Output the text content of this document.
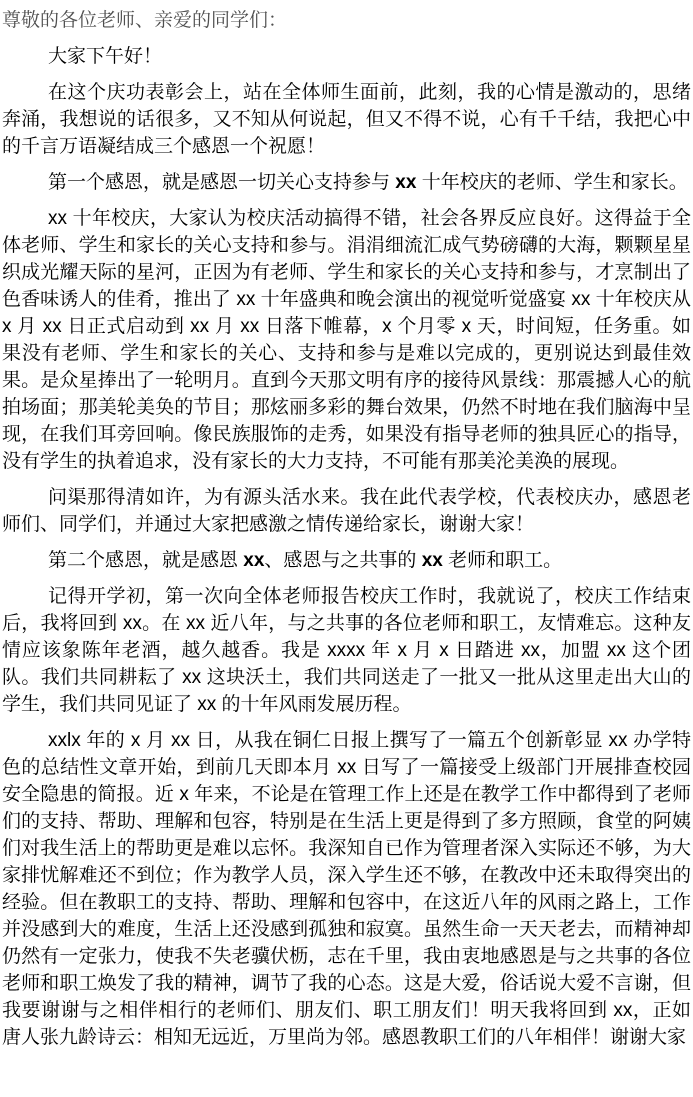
尊敬的各位老师、亲爱的同学们：

大家下午好！

在这个庆功表彰会上，站在全体师生面前，此刻，我的心情是激动的，思绪奔涌，我想说的话很多，又不知从何说起，但又不得不说，心有千千结，我把心中的千言万语凝结成三个感恩一个祝愿！

第一个感恩，就是感恩一切关心支持参与 xx 十年校庆的老师、学生和家长。

xx 十年校庆，大家认为校庆活动搞得不错，社会各界反应良好。这得益于全体老师、学生和家长的关心支持和参与。涓涓细流汇成气势磅礴的大海，颗颗星星织成光耀天际的星河，正因为有老师、学生和家长的关心支持和参与，才烹制出了色香味诱人的佳肴，推出了 xx 十年盛典和晚会演出的视觉听觉盛宴 xx 十年校庆从 x 月 xx 日正式启动到 xx 月 xx 日落下帷幕，x 个月零 x 天，时间短，任务重。如果没有老师、学生和家长的关心、支持和参与是难以完成的，更别说达到最佳效果。是众星捧出了一轮明月。直到今天那文明有序的接待风景线：那震撼人心的航拍场面；那美轮美奂的节目；那炫丽多彩的舞台效果，仍然不时地在我们脑海中呈现，在我们耳旁回响。像民族服饰的走秀，如果没有指导老师的独具匠心的指导，没有学生的执着追求，没有家长的大力支持，不可能有那美沦美涣的展现。

问渠那得清如许，为有源头活水来。我在此代表学校，代表校庆办，感恩老师们、同学们，并通过大家把感激之情传递给家长，谢谢大家！

第二个感恩，就是感恩 xx、感恩与之共事的 xx 老师和职工。

记得开学初，第一次向全体老师报告校庆工作时，我就说了，校庆工作结束后，我将回到 xx。在 xx 近八年，与之共事的各位老师和职工，友情难忘。这种友情应该象陈年老酒，越久越香。我是 xxxx 年 x 月 x 日踏进 xx，加盟 xx 这个团队。我们共同耕耘了 xx 这块沃土，我们共同送走了一批又一批从这里走出大山的学生，我们共同见证了 xx 的十年风雨发展历程。

xxlx 年的 x 月 xx 日，从我在铜仁日报上撰写了一篇五个创新彰显 xx 办学特色的总结性文章开始，到前几天即本月 xx 日写了一篇接受上级部门开展排查校园安全隐患的简报。近 x 年来，不论是在管理工作上还是在教学工作中都得到了老师们的支持、帮助、理解和包容，特别是在生活上更是得到了多方照顾，食堂的阿姨们对我生活上的帮助更是难以忘怀。我深知自已作为管理者深入实际还不够，为大家排忧解难还不到位；作为教学人员，深入学生还不够，在教改中还未取得突出的经验。但在教职工的支持、帮助、理解和包容中，在这近八年的风雨之路上，工作并没感到大的难度，生活上还没感到孤独和寂寞。虽然生命一天天老去，而精神却仍然有一定张力，使我不失老骥伏枥，志在千里，我由衷地感恩是与之共事的各位老师和职工焕发了我的精神，调节了我的心态。这是大爱，俗话说大爱不言谢，但我要谢谢与之相伴相行的老师们、朋友们、职工朋友们！明天我将回到 xx，正如唐人张九龄诗云：相知无远近，万里尚为邻。感恩教职工们的八年相伴！谢谢大家
